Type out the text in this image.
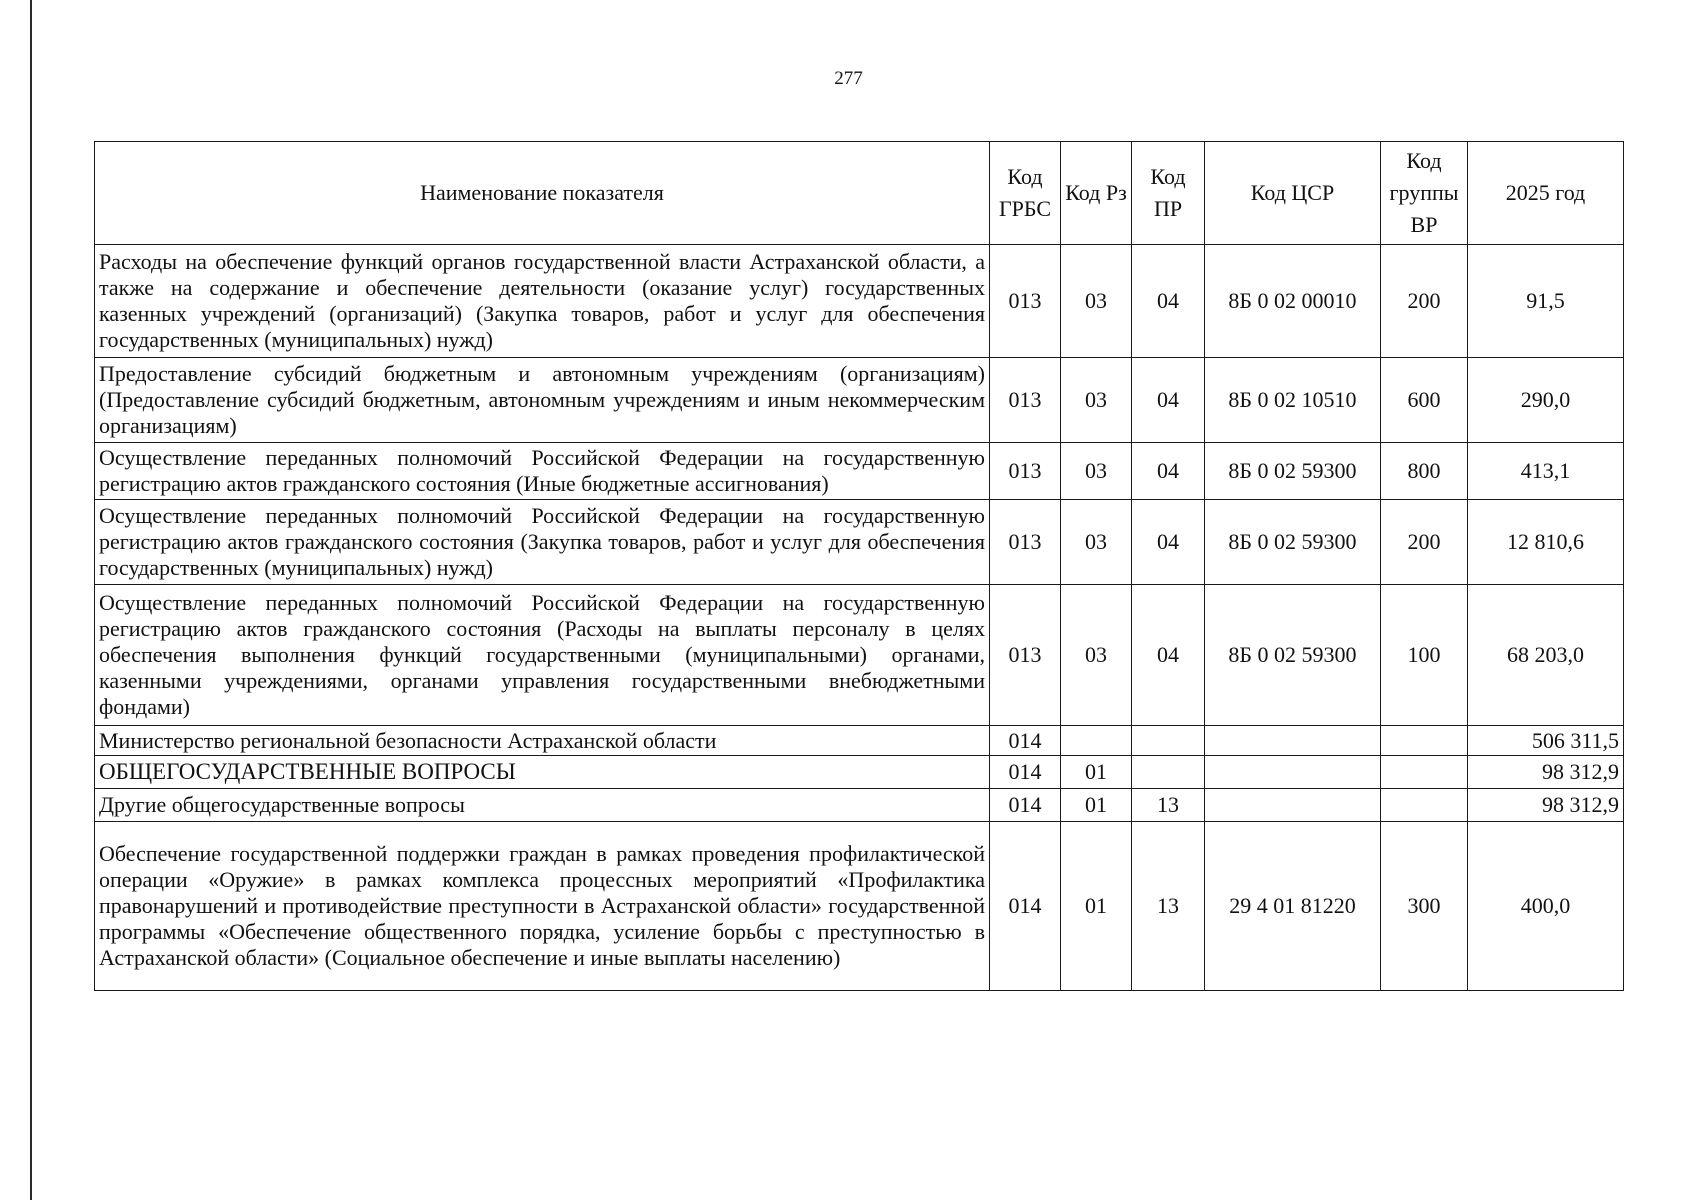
277
Наименование показателя	Код ГРБС	Код Рз	Код ПР	Код ЦСР	Код группы ВР	2025 год
Расходы на обеспечение функций органов государственной власти Астраханской области, а также на содержание и обеспечение деятельности (оказание услуг) государственных казенных учреждений (организаций) (Закупка товаров, работ и услуг для обеспечения государственных (муниципальных) нужд)	013	03	04	8Б 0 02 00010	200	91,5
Предоставление субсидий бюджетным и автономным учреждениям (организациям) (Предоставление субсидий бюджетным, автономным учреждениям и иным некоммерческим организациям)	013	03	04	8Б 0 02 10510	600	290,0
Осуществление переданных полномочий Российской Федерации на государственную регистрацию актов гражданского состояния (Иные бюджетные ассигнования)	013	03	04	8Б 0 02 59300	800	413,1
Осуществление переданных полномочий Российской Федерации на государственную регистрацию актов гражданского состояния (Закупка товаров, работ и услуг для обеспечения государственных (муниципальных) нужд)	013	03	04	8Б 0 02 59300	200	12 810,6
Осуществление переданных полномочий Российской Федерации на государственную регистрацию актов гражданского состояния (Расходы на выплаты персоналу в целях обеспечения выполнения функций государственными (муниципальными) органами, казенными учреждениями, органами управления государственными внебюджетными фондами)	013	03	04	8Б 0 02 59300	100	68 203,0
Министерство региональной безопасности Астраханской области	014					506 311,5
ОБЩЕГОСУДАРСТВЕННЫЕ ВОПРОСЫ	014	01				98 312,9
Другие общегосударственные вопросы	014	01	13			98 312,9
Обеспечение государственной поддержки граждан в рамках проведения профилактической операции «Оружие» в рамках комплекса процессных мероприятий «Профилактика правонарушений и противодействие преступности в Астраханской области» государственной программы «Обеспечение общественного порядка, усиление борьбы с преступностью в Астраханской области» (Социальное обеспечение и иные выплаты населению)	014	01	13	29 4 01 81220	300	400,0
